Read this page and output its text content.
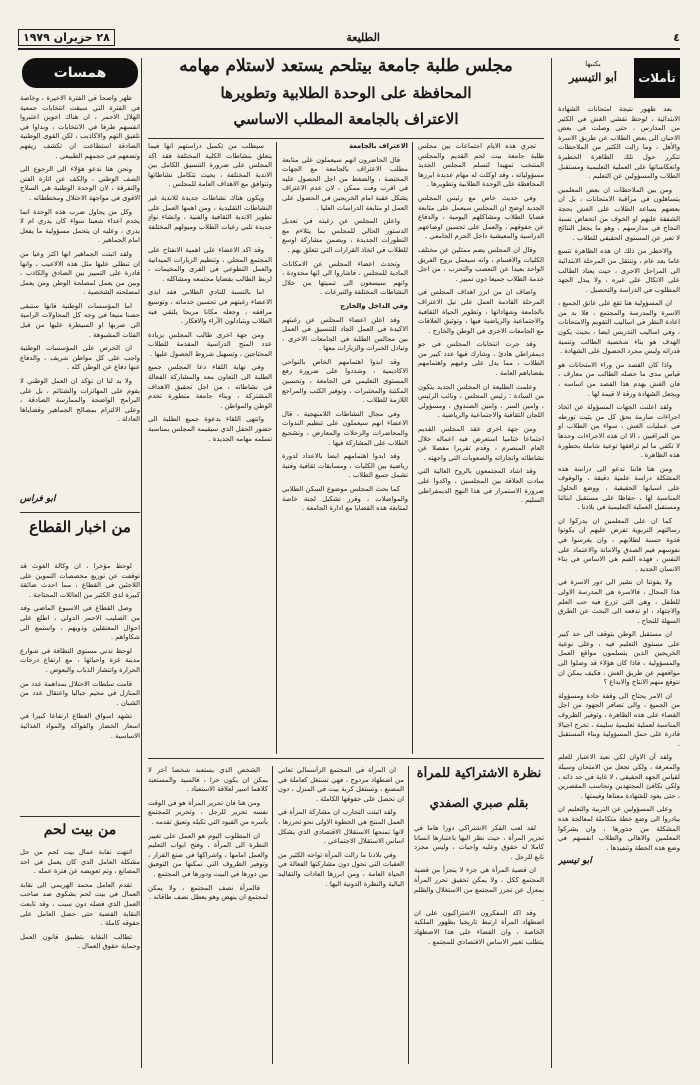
٤
الطليعة
٢٨ حزيران ١٩٧٩
تأملات
يكتبها
أبو التيسير

بعد ظهور نتيجة امتحانات الشهادة الابتدائية ، لوحظ تفشي الغش في الكثير من المدارس ، حتى وصلت في بعض الاحيان الى بعض الطلاب عن طريق الاسرة والأهل ، وما زالت الكثير من الملاحظات تتكرر حول تلك الظاهرة الخطيرة وانعكاساتها على العملية التعليمية ومستقبل الطلاب والمسؤولين عن التعليم .

ومن بين الملاحظات ان بعض المعلمين يتساهلون في مراقبة الامتحانات ، بل ان بعضهم يساعد الطلاب على الغش بحجة الشفقة عليهم او الخوف من انخفاض نسبة النجاح في مدارسهم ، وهو ما يجعل النتائج لا تعبر عن المستوى الحقيقي للطلاب .

والاخطر من ذلك ان هذه الظاهرة تتسع عاما بعد عام ، وتنتقل من المرحلة الابتدائية الى المراحل الاخرى ، حيث يعتاد الطالب على الاتكال على غيره ، ولا يبذل الجهد المطلوب في الدراسة والتحصيل .

ان المسؤولية هنا تقع على عاتق الجميع ، الاسرة والمدرسة والمجتمع ، فلا بد من اعادة النظر في اساليب التقويم والامتحانات ، وفي اساليب التدريس ايضا ، بحيث يكون الهدف هو بناء شخصية الطالب وتنمية قدراته وليس مجرد الحصول على الشهادة .

واذا كان القصد من وراء الامتحانات هو قياس مدى ما حصله الطالب من معارف ، فان الغش يهدم هذا القصد من اساسه ، ويجعل الشهادة ورقة لا قيمة لها .

ولقد اعلنت الجهات المسؤولة عن اتخاذ اجراءات صارمة بحق كل من يثبت تورطه في عمليات الغش ، سواء من الطلاب او من المراقبين ، الا ان هذه الاجراءات وحدها لا تكفي ما لم ترافقها توعية شاملة بخطورة هذه الظاهرة .

ومن هنا فاننا ندعو الى دراسة هذه المشكلة دراسة علمية دقيقة ، والوقوف على اسبابها الحقيقية ، ووضع الحلول المناسبة لها ، حفاظا على مستقبل ابنائنا ومستقبل العملية التعليمية في بلادنا .

كما ان على المعلمين ان يدركوا ان رسالتهم التربوية تفرض عليهم ان يكونوا قدوة حسنة لطلابهم ، وان يغرسوا في نفوسهم قيم الصدق والامانة والاعتماد على النفس ، فهذه القيم هي الاساس في بناء الانسان الجديد .

ولا يفوتنا ان نشير الى دور الاسرة في هذا المجال ، فالاسرة هي المدرسة الاولى للطفل ، وهي التي تزرع فيه حب العلم والاجتهاد ، او تدفعه الى البحث عن الطرق السهلة للنجاح .

ان مستقبل الوطن يتوقف الى حد كبير على مستوى التعليم فيه ، وعلى نوعية الخريجين الذين يتسلمون مواقع العمل والمسؤولية ، فاذا كان هؤلاء قد وصلوا الى مواقعهم عن طريق الغش ، فكيف يمكن ان نتوقع منهم الانتاج والابداع ؟

ان الامر يحتاج الى وقفة جادة ومسؤولة من الجميع ، والى تضافر الجهود من اجل القضاء على هذه الظاهرة ، وتوفير الظروف المناسبة لعملية تعليمية سليمة ، تخرج اجيالا قادرة على حمل المسؤولية وبناء المستقبل .

ولقد آن الاوان لكي نعيد الاعتبار للعلم والمعرفة ، ولكي نجعل من الامتحان وسيلة لقياس الجهد الحقيقي ، لا غاية في حد ذاته ، ولكي نكافئ المجتهدين ونحاسب المقصرين ، حتى يعود للشهادة معناها وقيمتها .

وعلى المسؤولين عن التربية والتعليم ان يبادروا الى وضع خطة متكاملة لمعالجة هذه المشكلة من جذورها ، وان يشركوا المعلمين والاهالي والطلاب انفسهم في وضع هذه الخطة وتنفيذها .

ابو تيسير
مجلس طلبة جامعة بيتلحم يستعد لاستلام مهامه
المحافظة على الوحدة الطلابية وتطويرها
الاعتراف بالجامعة المطلب الاساسي

تجري هذه الايام اجتماعات بين مجلس طلبة جامعة بيت لحم القديم والمجلس المنتخب تمهيدا لتسلم المجلس الجديد مسؤولياته ، وقد اوكلت له مهام عديدة ابرزها المحافظة على الوحدة الطلابية وتطويرها .

وفي حديث خاص مع رئيس المجلس الجديد اوضح ان المجلس سيعمل على متابعة قضايا الطلاب ومشاكلهم اليومية ، والدفاع عن حقوقهم ، والعمل على تحسين اوضاعهم الدراسية والمعيشية داخل الحرم الجامعي .

وقال ان المجلس يضم ممثلين عن مختلف الكليات والاقسام ، وانه سيعمل بروح الفريق الواحد بعيدا عن التعصب والتحزب ، من اجل خدمة الطلاب جميعا دون تمييز .

واضاف ان من ابرز اهداف المجلس في المرحلة القادمة العمل على نيل الاعتراف بالجامعة وشهاداتها ، وتطوير الحياة الثقافية والاجتماعية والرياضية فيها ، وتوثيق العلاقات مع الجامعات الاخرى في الوطن والخارج .

وقد جرت انتخابات المجلس في جو ديمقراطي هادئ ، وشارك فيها عدد كبير من الطلاب ، مما يدل على وعيهم واهتمامهم بقضاياهم العامة .

وعلمت الطليعة ان المجلس الجديد يتكون من السادة : رئيس المجلس ، ونائب الرئيس ، وامين السر ، وامين الصندوق ، ومسؤولي اللجان الثقافية والاجتماعية والرياضية .

ومن جهة اخرى عقد المجلس القديم اجتماعا ختاميا استعرض فيه اعماله خلال العام المنصرم ، وقدم تقريرا مفصلا عن نشاطاته وانجازاته والصعوبات التي واجهته .

وقد اشاد المجتمعون بالروح العالية التي سادت العلاقة بين المجلسين ، واكدوا على ضرورة الاستمرار في هذا النهج الديمقراطي السليم .

الاعتراف بالجامعة

قال الحاضرون انهم سيعملون على متابعة مطلب الاعتراف بالجامعة مع الجهات المختصة ، والضغط من اجل الحصول عليه في اقرب وقت ممكن ، لان عدم الاعتراف يشكل عقبة امام الخريجين في الحصول على العمل او متابعة الدراسات العليا .

واعلن المجلس عن رغبته في تعديل الدستور الحالي للمجلس بما يتلاءم مع التطورات الجديدة ، ويضمن مشاركة اوسع للطلاب في اتخاذ القرارات التي تتعلق بهم .

وتحدث اعضاء المجلس عن الامكانات المادية للمجلس ، فاشاروا الى انها محدودة ، وانهم سيسعون الى تنميتها من خلال النشاطات المختلفة والتبرعات .

وفي الداخل والخارج

وقد اعلن اعضاء المجلس عن رغبتهم الاكيدة في العمل الجاد للتنسيق في العمل بين مجالس الطلبة في الجامعات الاخرى ، وتبادل الخبرات والزيارات معها .

وقد ابدوا اهتمامهم الخاص بالنواحي الاكاديمية ، وشددوا على ضرورة رفع المستوى التعليمي في الجامعة ، وتحسين المكتبة والمختبرات ، وتوفير الكتب والمراجع اللازمة للطلاب .

وفي مجال النشاطات اللامنهجية ، قال الاعضاء انهم سيعملون على تنظيم الندوات والمحاضرات والرحلات والمعارض ، وتشجيع الطلاب على المشاركة فيها .

وقد ابدوا اهتمامهم ايضا بالاعداد لدورة رياضية بين الكليات ، ومسابقات ثقافية وفنية تشمل جميع الطلاب .

كما بحث المجلس موضوع السكن الطلابي والمواصلات ، وقرر تشكيل لجنة خاصة لمتابعة هذه القضايا مع ادارة الجامعة .

سيطلب من تكميل دراستهم انها فيما يتعلق بنشاطات الكلية المختلفة فقد اكد المجلس على ضرورة التنسيق الكامل بين الاندية المختلفة ، بحيث تتكامل نشاطاتها وتتوافق مع الاهداف العامة للمجلس .

ويكون هناك نشاطات جديدة للاندية غير النشاطات التقليدية ، ومن اهمها العمل على تطوير الاندية الثقافية والفنية ، وانشاء نوادٍ جديدة تلبي رغبات الطلاب وميولهم المختلفة .

وقد اكد الاعضاء على اهمية الانفتاح على المجتمع المحلي ، وتنظيم الزيارات الميدانية والعمل التطوعي في القرى والمخيمات ، لربط الطالب بقضايا مجتمعه ومشاكله .

اما بالنسبة للنادي الطلابي فقد ابدى الاعضاء رغبتهم في تحسين خدماته ، وتوسيع مرافقه ، وجعله مكانا مريحا يلتقي فيه الطلاب ويتبادلون الآراء والافكار .

ومن جهة اخرى طالب المجلس بزيادة عدد المنح الدراسية المقدمة للطلاب المحتاجين ، وتسهيل شروط الحصول عليها .

وفي نهاية اللقاء دعا المجلس جميع الطلبة الى التعاون معه والمشاركة الفعالة في نشاطاته ، من اجل تحقيق الاهداف المشتركة ، وبناء جامعة متطورة تخدم الوطن والمواطن .

وانتهى اللقاء بدعوة جميع الطلبة الى حضور الحفل الذي سيقيمه المجلس بمناسبة تسلمه مهامه الجديدة .

نظرة الاشتراكية للمرأة
بقلم صبري الصفدي

لقد لعب الفكر الاشتراكي دورا هاما في تحرير المرأة ، حيث نظر اليها باعتبارها انسانا كاملا له حقوق وعليه واجبات ، وليس مجرد تابع للرجل .

ان قضية المرأة هي جزء لا يتجزأ من قضية المجتمع ككل ، ولا يمكن تحقيق تحرر المرأة بمعزل عن تحرر المجتمع من الاستغلال والظلم .

وقد اكد المفكرون الاشتراكيون على ان اضطهاد المرأة ارتبط تاريخيا بظهور الملكية الخاصة ، وان القضاء على هذا الاضطهاد يتطلب تغيير الاساس الاقتصادي للمجتمع .

ان المرأة في المجتمع الرأسمالي تعاني من اضطهاد مزدوج ، فهي تستغل كعاملة في المصنع ، وتستغل كربة بيت في المنزل ، دون ان تحصل على حقوقها الكاملة .

ولقد اثبتت التجارب ان مشاركة المرأة في العمل المنتج هي الخطوة الاولى نحو تحررها ، لانها تمنحها الاستقلال الاقتصادي الذي يشكل اساس الاستقلال الاجتماعي .

وفي بلادنا ما زالت المرأة تواجه الكثير من العقبات التي تحول دون مشاركتها الفعالة في الحياة العامة ، ومن ابرزها العادات والتقاليد البالية والنظرة الدونية اليها .

الشخص الذي يستعبد شخصا آخر لا يمكن ان يكون حرا ، فالسيد والمستعبد كلاهما اسير لعلاقة الاستعباد .

ومن هنا فان تحرير المرأة هو في الوقت نفسه تحرير للرجل ، وتحرير للمجتمع بأسره من القيود التي تكبله وتعيق تقدمه .

ان المطلوب اليوم هو العمل على تغيير النظرة الى المرأة ، وفتح ابواب التعليم والعمل امامها ، واشراكها في صنع القرار ، وتوفير الظروف التي تمكنها من التوفيق بين دورها في البيت ودورها في المجتمع .

فالمرأة نصف المجتمع ، ولا يمكن لمجتمع ان ينهض وهو يعطل نصف طاقاته .

همسات

ظهر واضحا في الفترة الاخيرة ، وخاصة في الفترة التي سبقت انتخابات جمعية الهلال الاحمر ، ان هناك اخوين اعتبروا انفسهم طرفا في الانتخابات ، وبداوا في تلفيق التهم والاكاذيب ، لكن القوى الوطنية الصادقة استطاعت ان تكشف زيفهم وتضعهم في حجمهم الطبيعي .

ونحن هنا ندعو هؤلاء الى الرجوع الى الصف الوطني ، والكف عن اثارة الفتن والتفرقة ، لان الوحدة الوطنية هي السلاح الاقوى في مواجهة الاحتلال ومخططاته .

وكل من يحاول ضرب هذه الوحدة انما يخدم اعداء شعبنا سواء كان يدري ام لا يدري ، وعليه ان يتحمل مسؤولية ما يفعل امام الجماهير .

ولقد اثبتت الجماهير انها اكثر وعيا من ان تنطلي عليها مثل هذه الالاعيب ، وانها قادرة على التمييز بين الصادق والكاذب ، وبين من يعمل لمصلحة الوطن ومن يعمل لمصلحته الشخصية .

اما المؤسسات الوطنية فانها ستبقى حصنا منيعا في وجه كل المحاولات الرامية الى ضربها او السيطرة عليها من قبل الفئات المشبوهة .

ان الحرص على المؤسسات الوطنية واجب على كل مواطن شريف ، والدفاع عنها دفاع عن الوطن كله .

ولا بد لنا ان نؤكد ان العمل الوطني لا يقوم على المهاترات والشتائم ، بل على البرامج الواضحة والممارسة الصادقة ، وعلى الالتزام بمصالح الجماهير وقضاياها العادلة .

ابو فراس
من اخبار القطاع

لوحظ مؤخرا ، ان وكالة الغوث قد توقفت عن توزيع مخصصات التموين على اللاجئين في القطاع ، مما احدث ضائقة كبيرة لدى الكثير من العائلات المحتاجة .

وصل القطاع في الاسبوع الماضي وفد من الصليب الاحمر الدولي ، اطلع على احوال المعتقلين وذويهم ، واستمع الى شكاواهم .

لوحظ تدني مستوى النظافة في شوارع مدينة غزة واحيائها ، مع ارتفاع درجات الحرارة وانتشار الذباب والبعوض .

قامت سلطات الاحتلال بمداهمة عدد من المنازل في مخيم جباليا واعتقال عدد من الشبان .

تشهد اسواق القطاع ارتفاعا كبيرا في اسعار الخضار والفواكه والمواد الغذائية الاساسية .

من بيت لحم

انتهت نقابة عمال بيت لحم من حل مشكلة العامل الذي كان يعمل في احد المصانع ، وتم تعويضه عن فترة عمله .

تقدم العامل محمد الهريمي الى نقابة العمال في بيت لحم بشكوى ضد صاحب العمل الذي فصله دون سبب ، وقد تابعت النقابة القضية حتى حصل العامل على حقوقه كاملة .

تطالب النقابة بتطبيق قانون العمل وحماية حقوق العمال .
